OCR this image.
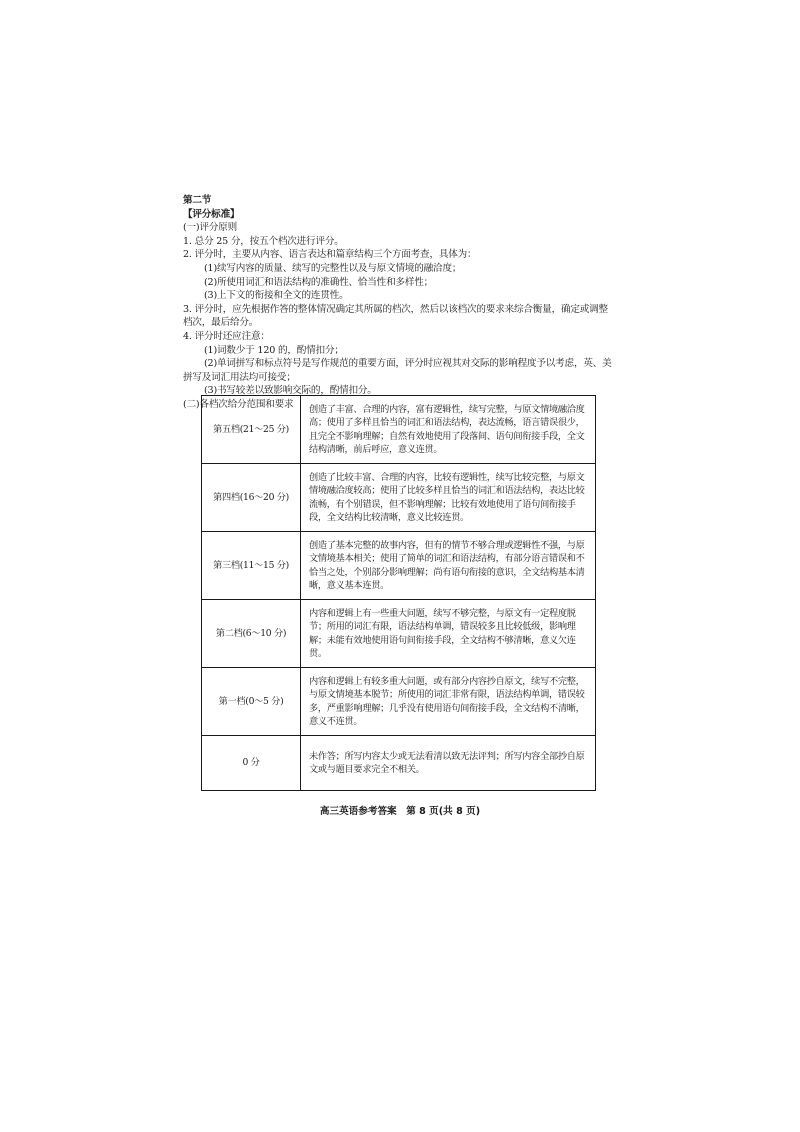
第二节
【评分标准】
(一)评分原则
1. 总分 25 分，按五个档次进行评分。
2. 评分时，主要从内容、语言表达和篇章结构三个方面考查，具体为：
(1)续写内容的质量、续写的完整性以及与原文情境的融洽度；
(2)所使用词汇和语法结构的准确性、恰当性和多样性；
(3)上下文的衔接和全文的连贯性。
3. 评分时，应先根据作答的整体情况确定其所属的档次，然后以该档次的要求来综合衡量，确定或调整档次，最后给分。
4. 评分时还应注意：
(1)词数少于 120 的，酌情扣分；
(2)单词拼写和标点符号是写作规范的重要方面，评分时应视其对交际的影响程度予以考虑，英、美拼写及词汇用法均可接受；
(3)书写较差以致影响交际的，酌情扣分。
(二)各档次给分范围和要求
第五档(21～25 分)	创造了丰富、合理的内容，富有逻辑性，续写完整，与原文情境融洽度高；使用了多样且恰当的词汇和语法结构，表达流畅，语言错误很少，且完全不影响理解；自然有效地使用了段落间、语句间衔接手段，全文结构清晰，前后呼应，意义连贯。
第四档(16～20 分)	创造了比较丰富、合理的内容，比较有逻辑性，续写比较完整，与原文情境融洽度较高；使用了比较多样且恰当的词汇和语法结构，表达比较流畅，有个别错误，但不影响理解；比较有效地使用了语句间衔接手段，全文结构比较清晰，意义比较连贯。
第三档(11～15 分)	创造了基本完整的故事内容，但有的情节不够合理或逻辑性不强，与原文情境基本相关；使用了简单的词汇和语法结构，有部分语言错误和不恰当之处，个别部分影响理解；尚有语句衔接的意识，全文结构基本清晰，意义基本连贯。
第二档(6～10 分)	内容和逻辑上有一些重大问题，续写不够完整，与原文有一定程度脱节；所用的词汇有限，语法结构单调，错误较多且比较低级，影响理解；未能有效地使用语句间衔接手段，全文结构不够清晰，意义欠连贯。
第一档(0～5 分)	内容和逻辑上有较多重大问题，或有部分内容抄自原文，续写不完整，与原文情境基本脱节；所使用的词汇非常有限，语法结构单调，错误较多，严重影响理解；几乎没有使用语句间衔接手段，全文结构不清晰，意义不连贯。
0 分	未作答；所写内容太少或无法看清以致无法评判；所写内容全部抄自原文或与题目要求完全不相关。
高三英语参考答案　第 8 页(共 8 页)
